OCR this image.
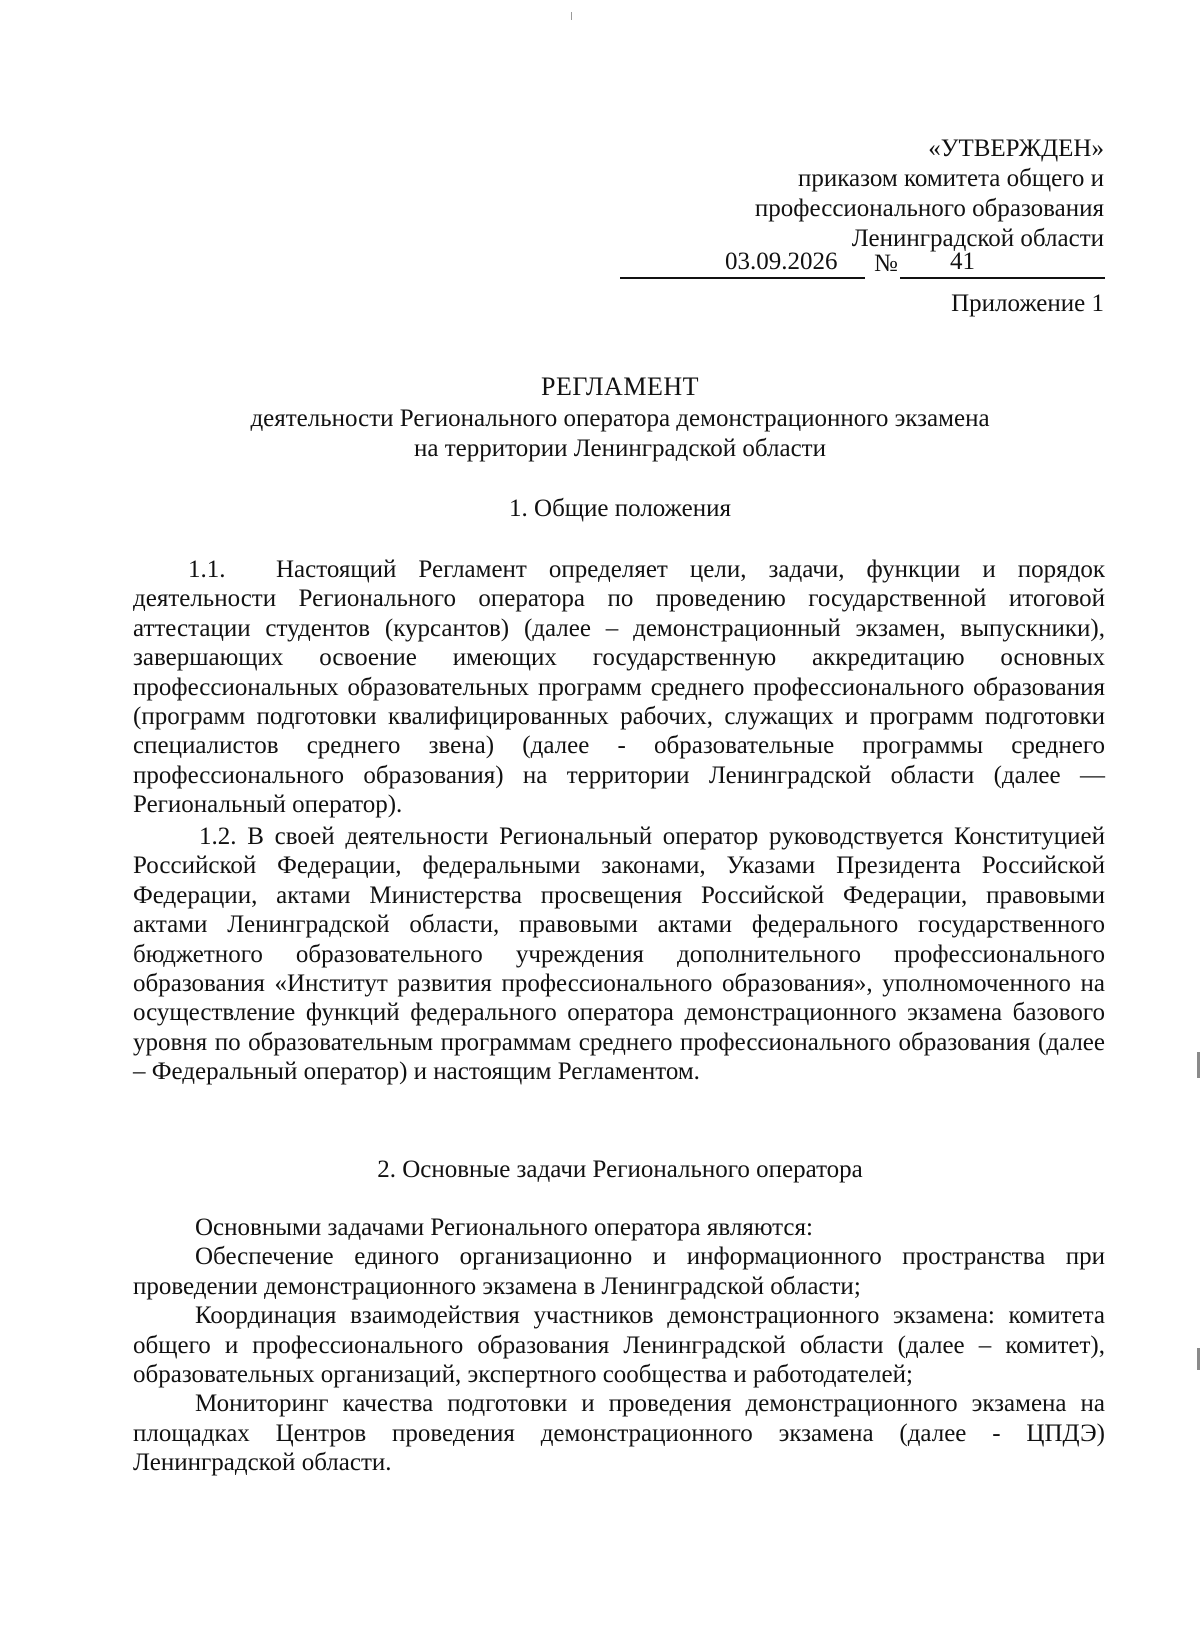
«УТВЕРЖДЕН»
приказом комитета общего и
профессионального образования
Ленинградской области
03.09.2026 № 41
Приложение 1
РЕГЛАМЕНТ
деятельности Регионального оператора демонстрационного экзамена
на территории Ленинградской области
1. Общие положения

1.1. Настоящий Регламент определяет цели, задачи, функции и порядок деятельности Регионального оператора по проведению государственной итоговой аттестации студентов (курсантов) (далее – демонстрационный экзамен, выпускники), завершающих освоение имеющих государственную аккредитацию основных профессиональных образовательных программ среднего профессионального образования (программ подготовки квалифицированных рабочих, служащих и программ подготовки специалистов среднего звена) (далее - образовательные программы среднего профессионального образования) на территории Ленинградской области (далее — Региональный оператор).

1.2. В своей деятельности Региональный оператор руководствуется Конституцией Российской Федерации, федеральными законами, Указами Президента Российской Федерации, актами Министерства просвещения Российской Федерации, правовыми актами Ленинградской области, правовыми актами федерального государственного бюджетного образовательного учреждения дополнительного профессионального образования «Институт развития профессионального образования», уполномоченного на осуществление функций федерального оператора демонстрационного экзамена базового уровня по образовательным программам среднего профессионального образования (далее – Федеральный оператор) и настоящим Регламентом.

2. Основные задачи Регионального оператора

Основными задачами Регионального оператора являются:

Обеспечение единого организационно и информационного пространства при проведении демонстрационного экзамена в Ленинградской области;

Координация взаимодействия участников демонстрационного экзамена: комитета общего и профессионального образования Ленинградской области (далее – комитет), образовательных организаций, экспертного сообщества и работодателей;

Мониторинг качества подготовки и проведения демонстрационного экзамена на площадках Центров проведения демонстрационного экзамена (далее - ЦПДЭ) Ленинградской области.
